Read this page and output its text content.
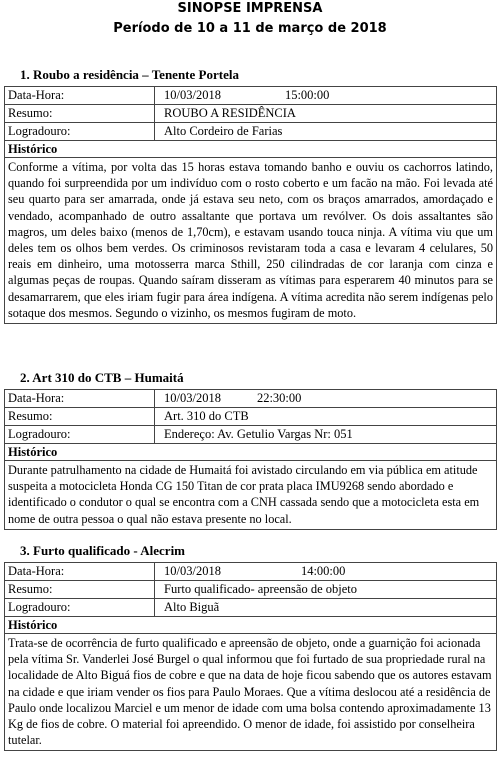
SINOPSE IMPRENSA
Período de 10 a 11 de março de 2018
1. Roubo a residência – Tenente Portela
Data-Hora:	10/03/2018	15:00:00
Resumo:	ROUBO A RESIDÊNCIA
Logradouro:	Alto Cordeiro de Farias
Histórico
Conforme a vítima, por volta das 15 horas estava tomando banho e ouviu os cachorros latindo, quando foi surpreendida por um indivíduo com o rosto coberto e um facão na mão. Foi levada até seu quarto para ser amarrada, onde já estava seu neto, com os braços amarrados, amordaçado e vendado, acompanhado de outro assaltante que portava um revólver. Os dois assaltantes são magros, um deles baixo (menos de 1,70cm), e estavam usando touca ninja. A vítima viu que um deles tem os olhos bem verdes. Os criminosos revistaram toda a casa e levaram 4 celulares, 50 reais em dinheiro, uma motosserra marca Sthill, 250 cilindradas de cor laranja com cinza e algumas peças de roupas. Quando saíram disseram as vítimas para esperarem 40 minutos para se desamarrarem, que eles iriam fugir para área indígena. A vítima acredita não serem indígenas pelo sotaque dos mesmos. Segundo o vizinho, os mesmos fugiram de moto.
2. Art 310 do CTB – Humaitá
Data-Hora:	10/03/2018	22:30:00
Resumo:	Art. 310 do CTB
Logradouro:	Endereço: Av. Getulio Vargas Nr: 051
Histórico
Durante patrulhamento na cidade de Humaitá foi avistado circulando em via pública em atitude suspeita a motocicleta Honda CG 150 Titan de cor prata placa IMU9268 sendo abordado e identificado o condutor o qual se encontra com a CNH cassada sendo que a motocicleta esta em nome de outra pessoa o qual não estava presente no local.
3. Furto qualificado - Alecrim
Data-Hora:	10/03/2018	14:00:00
Resumo:	Furto qualificado- apreensão de objeto
Logradouro:	Alto Biguã
Histórico
Trata-se de ocorrência de furto qualificado e apreensão de objeto, onde a guarnição foi acionada pela vítima Sr. Vanderlei José Burgel o qual informou que foi furtado de sua propriedade rural na localidade de Alto Biguá fios de cobre e que na data de hoje ficou sabendo que os autores estavam na cidade e que iriam vender os fios para Paulo Moraes. Que a vítima deslocou até a residência de Paulo onde localizou Marciel e um menor de idade com uma bolsa contendo aproximadamente 13 Kg de fios de cobre. O material foi apreendido. O menor de idade, foi assistido por conselheira tutelar.
